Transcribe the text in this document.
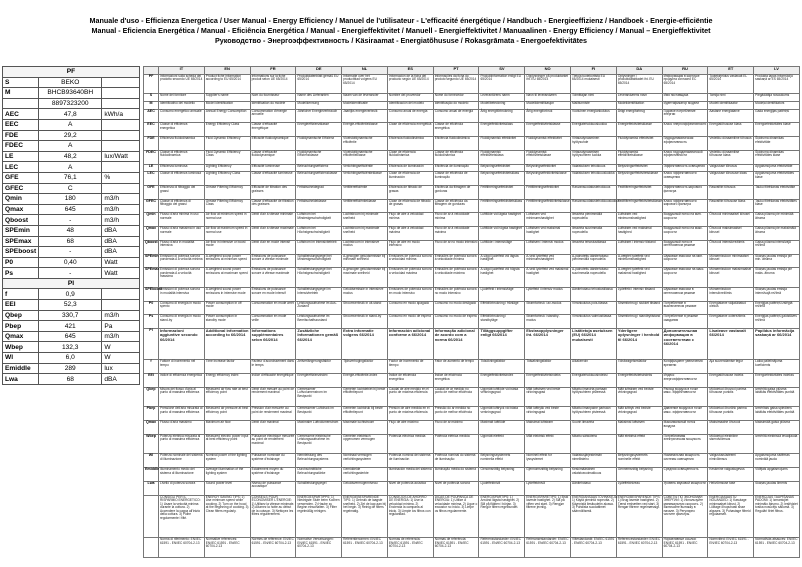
Manuale d'uso - Efficienza Energetica / User Manual - Energy Efficiency / Manuel de l'utilisateur - L'efficacité énergétique / Handbuch - Energieeffizienz / Handboek - Energie-efficiëntie
Manual - Eficiencia Energética / Manual - Eficiência Energética / Manual - Energieffektivitet / Manuell - Energieffektivitet / Manuaalinen - Energy Efficiency / Manual – Energieffektivitet
Руководство - Энергоэффективность / Käsiraamat - Energiatõhususe / Rokasgrāmata - Energoefektivitātes
PF		
S	BEKO	
M	BHCB93640BH	
	8897323200	
AEC	47,8	kWh/a
EEC	A	
FDE	29,2	
FDEC	A	
LE	48,2	lux/Watt
LEC	A	
GFE	76,1	%
GFEC	C	
Qmin	180	m3/h
Qmax	645	m3/h
Qboost	-	m3/h
SPEmin	48	dBA
SPEmax	68	dBA
SPEboost	-	dBA
P0	0,40	Watt
Ps	-	Watt
PI		
f	0,9	
EEI	52,3	
Qbep	330,7	m3/h
Pbep	421	Pa
Qmax	645	m3/h
Wbep	132,3	W
Wl	6,0	W
Emiddle	289	lux
Lwa	68	dBA
	IT	EN	FR	DE	NL	ES	PT	SV	NO	FI	DA	RU	ET	LV
PF	Informazioni sulla scheda del prodotto secondo UE 65/2014	Product fiche information according to EU 65/2014	Informations sur la fiche produit selon UE 65/2014	Produktdatenblatt gemäß EU 65/2014	Informatie over het productblad volgens EU 65/2014	Información de la ficha del producto según UE 65/2014	Informações da ficha do produto segundo UE 65/2014	Produktinformation enligt EU 65/2014	Opplysninger på produktarket iht. EU 65/2014	Tietoja tuotekortista EU 65/2014 mukaisesti	Oplysninger i produktdatabladet iht. EU 65/2014	Информация в карточке продукта согласно ЕС 65/2014	Tootekirjeldus vastavalt EL 65/2014	Produkta lapas informācija saskaņā ar ES 65/2014
S	Nome del fornitore	Supplier's name	Nom du fournisseur	Name des Lieferanten	Naam van de leverancier	Nombre del proveedor	Nome do fornecedor	Leverantörens namn	Navn til leverandøren	Toimittajan nimi	Leverandørens navn	Имя поставщика	Tarnija nimi	Piegādātāja nosaukums
M	Identificativo del modello	Model identification	Identification du modèle	Modellkennung	Modelidentificatie	Identificación del modelo	Identificação do modelo	Modellbeteckning	Modellidentifikasjon	Mallitunniste	Modelidentifikation	Идентификатор модели	Mudeli identifikaator	Modeļa identifikators
AEC	Consumo energetico annuale	Annual Energy Consumption	Consommation d'énergie annuelle	Jährlicher Energieverbrauch	Jaarlijks energieverbruik	Consumo anual de energía	Consumo anual de energia	Årlig energiförbrukning	Årlig energiforbruk	Vuotuinen energiankulutus	Årligt energiforbrug	Годовое потребление энергии	Aastane energiatarve	Gada enerģijas patēriņš
EEC	Classe di efficienza energetica	Energy Efficiency Class	Classe d'efficacité énergétique	Energieeffizienzklasse	Energie-efficiëntieklasse	Clase de eficiencia energética	Classe de eficiência energética	Energieffektivitetsklass	Energieffektivitetsklasse	Energiatehokkuusluokka	Energieffektivitetsklasse	Класс энергоэффективности	Energiatõhususe klass	Energoefektivitātes klase
FDE	Efficienza fluidodinamica	Fluid Dynamic Efficiency	Efficacité fluidodynamique	Fluiddynamische Effizienz	Vloeistofdynamische efficiëntie	Eficiencia fluidodinámica	Eficiência fluidodinâmica	Fluiddynamisk effektivitet	Fluiddynamisk effektivitet	Virtausdynaaminen hyötysuhde	Fluiddynamisk effektivitet	Гидродинамическая эффективность	Vedeliku dünaamiline tõhusus	Šķidruma dinamikas efektivitāte
FDEC	Classe di efficienza fluidodinamica	Fluid Dynamic Efficiency Class	Classe d'efficacité fluidodynamique	Fluiddynamische Effizienzklasse	Vloeistofdynamische efficiëntieklasse	Clase de eficiencia fluidodinámica	Classe de eficiência fluidodinâmica	Fluiddynamisk effektivitetsklass	Fluiddynamisk effektivitetsklasse	Virtausdynaamisen hyötysuhteen luokka	Fluiddynamisk effektivitetsklasse	Класс гидродинамической эффективности	Vedeliku dünaamilise tõhususe klass	Šķidruma dinamikas efektivitātes klase
LE	Efficienza luminosa	Lighting Efficiency	Efficacité lumineuse	Beleuchtungseffizienz	Verlichtingsefficiëntie	Eficiencia de iluminación	Eficiência de iluminação	Belysningseffektivitet	Belysningseffektivitet	Valaistuksen tehokkuus	Belysningseffektivitet	Эффективность освещения	Valgustuse tõhusus	Apgaismojuma efektivitāte
LEC	Classe di efficienza luminosa	Lighting Efficiency Class	Classe d'efficacité lumineuse	Beleuchtungseffizienzklasse	Verlichtingsefficiëntieklasse	Clase de eficiencia de iluminación	Classe de eficiência de iluminação	Belysningseffektivitetsklass	Belysningseffektivitetsklasse	Valaistuksen tehokkuusluokka	Belysningseffektivitetsklasse	Класс эффективности освещения	Valgustuse tõhususe klass	Apgaismojuma efektivitātes klase
GFE	Efficienza di filtraggio dei grassi	Grease Filtering Efficiency	Efficacité de filtration des graisses	Fettabscheidegrad	Vetfilterefficiëntie	Eficiencia de filtrado de grasas	Eficiência da filtragem de gorduras	Fettfiltreringseffektivitet	Fettfiltreringseffektivitet	Rasvansuodatustehokkuus	Fedtfiltreringseffektivitet	Эффективность жирового фильтра	Rasvafiltri tõhusus	Tauku filtrēšanas efektivitāte
GFEC	Classe di efficienza di filtraggio dei grassi	Grease Filtering Efficiency Class	Classe d'efficacité de filtration des graisses	Fettabscheideklasse	Vetfilterefficiëntieklasse	Clase de eficiencia de filtrado de grasas	Classe de eficiência da filtragem de gorduras	Fettfiltreringseffektivitetsklass	Fettfiltreringseffektivitetsklasse	Rasvansuodatustehokkuusluokka	Fedtfiltreringseffektivitetsklasse	Класс эффективности жирового фильтра	Rasvafiltri tõhususe klass	Tauku filtrēšanas efektivitātes klase
Qmin	Flusso d'aria minima in uso normale	Air flow at minimum speed in normal use	Débit d'air à vitesse minimale	Luftstrom bei Mindestgeschwindigkeit	Luchtstroom bij minimale snelheid	Flujo de aire a velocidad mínima	Fluxo de ar à velocidade mínima	Luftflöde vid lägsta hastighet	Luftstrøm ved minimumshastighet	Ilmavirta pienimmällä nopeudella	Luftstrøm ved minimumshastighed	Воздушный поток на мин. скорости	Õhuvool minimaalsel kiirusel	Gaisa plūsma pie minimālā ātruma
Qmax	Flusso d'aria massima in uso normale	Air flow at maximum speed in normal use	Débit d'air à vitesse maximale	Luftstrom bei Höchstgeschwindigkeit	Luchtstroom bij maximale snelheid	Flujo de aire a velocidad máxima	Fluxo de ar à velocidade máxima	Luftflöde vid högsta hastighet	Luftstrøm ved maksimal hastighet	Ilmavirta suurimmalla nopeudella	Luftstrøm ved maksimal hastighed	Воздушный поток на макс. скорости	Õhuvool maksimaalsel kiirusel	Gaisa plūsma pie maksimālā ātruma
Qboost	Flusso d'aria in modalità intensiva	Air flow in intensive or boost mode	Débit d'air en mode intensif	Luftstrom im Intensivbetrieb	Luchtstroom in intensieve modus	Flujo de aire en modo intensivo	Fluxo de ar no modo intensivo	Luftflöde i intensivläge	Luftstrøm i intensiv modus	Ilmavirta tehostustilassa	Luftstrøm i intensiv tilstand	Воздушный поток в интенсивном режиме	Õhuvool intensiivrežiimis	Gaisa plūsma intensīvajā režīmā
SPEmin	Emissioni di potenza sonora ponderata A a velocità minima	A-weighted sound power emissions at minimum speed	Émissions de puissance sonore à vitesse minimale	Schallleistungspegel bei Mindestgeschwindigkeit	A-gewogen geluidsemissie bij minimale snelheid	Emisiones de potencia sonora a velocidad mínima	Emissões de potência sonora à velocidade mínima	A-vägd ljudeffekt vid lägsta hastighet	A-veid lydeffekt ved minimumshastighet	A-painotettu äänitehotaso pienimmällä nopeudella	A-vægtet lydeffekt ved minimumshastighed	Шумовые эмиссии на мин. скорости	Müraemissioon minimaalsel kiirusel	Skaņas jaudas emisija pie min. ātruma
SPEmax	Emissioni di potenza sonora ponderata A a velocità massima	A-weighted sound power emissions at maximum speed	Émissions de puissance sonore à vitesse maximale	Schallleistungspegel bei Höchstgeschwindigkeit	A-gewogen geluidsemissie bij maximale snelheid	Emisiones de potencia sonora a velocidad máxima	Emissões de potência sonora à velocidade máxima	A-vägd ljudeffekt vid högsta hastighet	A-veid lydeffekt ved maksimal hastighet	A-painotettu äänitehotaso suurimmalla nopeudella	A-vægtet lydeffekt ved maksimal hastighed	Шумовые эмиссии на макс. скорости	Müraemissioon maksimaalsel kiirusel	Skaņas jaudas emisija pie maks. ātruma
SPEboost	Emissioni di potenza sonora in modalità intensiva	A-weighted sound power emissions in intensive mode	Émissions de puissance sonore en mode intensif	Schallleistungspegel im Intensivbetrieb	Geluidsemissie in intensieve modus	Emisiones de potencia sonora en modo intensivo	Emissões de potência sonora no modo intensivo	Ljudeffekt i intensivläge	Lydeffekt i intensiv modus	Äänitehotaso tehostustilassa	Lydeffekt i intensiv tilstand	Шумовые эмиссии в интенсивном режиме	Müraemissioon intensiivrežiimis	Skaņas jaudas emisija intensīvajā režīmā
P0	Consumo di energia in modo spento	Power consumption in off mode	Consommation en mode arrêt	Leistungsaufnahme im Aus-Zustand	Stroomverbruik in uit-stand	Consumo en modo apagado	Consumo no modo desligado	Effektförbrukning i frånläge	Strømforbruk i av-modus	Virrankulutus pois-tilassa	Strømforbrug i slukket tilstand	Потребление в выключенном режиме	Energiatarve väljalülitatud olekus	Enerģijas patēriņš izslēgtā režīmā
Ps	Consumo di energia in modo stand-by	Power consumption in standby mode	Consommation en mode veille	Leistungsaufnahme im Bereitschaftszustand	Stroomverbruik in stand-by	Consumo en modo de espera	Consumo no modo de espera	Effektförbrukning i standbyläge	Strømforbruk i standby-modus	Virrankulutus valmiustilassa	Strømforbrug i standbytilstand	Потребление в режиме ожидания	Energiatarve ooterežiimis	Enerģijas patēriņš gaidstāves režīmā
PI	Informazioni aggiuntive secondo 66/2014	Additional information according to 66/2014	Informations supplémentaires selon 66/2014	Zusätzliche Informationen gemäß 66/2014	Extra informatie volgens 66/2014	Información adicional conforme a 66/2014	Informação adicional de acordo com a norma 66/2014	Tilläggsuppgifter enligt 66/2014	Ekstraopplysninger iht. 66/2014	Lisätietoja asetuksen (EU) 66/2014 mukaisesti	Yderligere oplysninger i henhold til 66/2014	Дополнительная информация в соответствии с 66/2014	Lisateave vastavalt 66/2014	Papildus informācija saskaņā ar 66/2014
f	Fattore di incremento nel tempo	Time increase factor	Facteur d'accroissement dans le temps	Zeitverlängerungsfaktor	Tijdsverhogingsfactor	Factor de incremento de tiempo	Fator de aumento de tempo	Tidsökningsfaktor	Tidsøkningsfaktor	Aikakerroin	Tidsforøgelsesfaktor	Коэффициент увеличения времени	Aja suurendamise tegur	Laika palielinājuma koeficients
EEI	Indice di efficienza energetica	Energy efficiency index	Indice d'efficacité énergétique	Energieeffizienzindex	Energie-efficiëntie-index	Índice de eficiencia energética	Índice de eficiência energética	Energieffektivitetsindex	Energieffektivitetsindeks	Energiatehokkuusindeksi	Energieffektivitetsindeks	Индекс энергоэффективности	Energiatõhususe indeks	Energoefektivitātes indekss
Qbep	Misura del flusso d'aria al punto di massima efficienza	Measured air flow rate at best efficiency point	Débit d'air mesuré au point de rendement maximal	Gemessener Luftvolumenstrom im Bestpunkt	Gemeten luchtdebiet bij beste efficiëntiepunt	Caudal de aire medido en el punto de máxima eficiencia	Caudal de ar medido no ponto de melhor eficiência	Uppmätt luftflöde vid bästa verkningsgrad	Målt luftstrøm ved beste virkningsgrad	Mitattu ilmavirta parhaan hyötysuhteen pisteessä	Målt luftstrøm ved bedste virkningsgrad	Расход воздуха в точке макс. эффективности	Mõõdetud õhuvool parima tõhususe punktis	Izmērītā gaisa plūsma labākās efektivitātes punktā
Pbep	Pressione dell'aria misurata al punto di massima efficienza	Measured air pressure at best efficiency point	Pression d'air mesurée au point de rendement maximal	Gemessener Luftdruck im Bestpunkt	Gemeten luchtdruk bij beste efficiëntiepunt	Presión de aire medida en el punto de máxima eficiencia	Pressão do ar medida no ponto de melhor eficiência	Uppmätt lufttryck vid bästa verkningsgrad	Målt lufttrykk ved beste virkningsgrad	Mitattu ilmanpaine parhaan hyötysuhteen pisteessä	Målt lufttryk ved bedste virkningsgrad	Давление воздуха в точке макс. эффективности	Mõõdetud õhurõhk parima tõhususe punktis	Izmērītais gaisa spiediens labākās efektivitātes punktā
Qmax	Flusso d'aria massimo	Maximum air flow	Débit d'air maximal	Maximaler Luftvolumenstrom	Maximale luchtstroom	Flujo de aire máximo	Fluxo de ar máximo	Maximalt luftflöde	Maksimal luftstrøm	Suurin ilmavirta	Maksimal luftstrøm	Максимальный поток воздуха	Maksimaalne õhuvool	Maksimālā gaisa plūsma
Wbep	Potenza elettrica misurata al punto di massima efficienza	Measured electric power input at best efficiency point	Puissance électrique mesurée au point de rendement maximal	Gemessene elektrische Leistungsaufnahme im Bestpunkt	Gemeten elektrisch opgenomen vermogen	Potencia eléctrica medida	Potência elétrica medida	Uppmätt eleffekt	Målt elektrisk effekt	Mitattu sähköteho	Målt elektrisk effekt	Потребляемая электрическая мощность	Mõõdetud elektriline sisendvõimsus	Izmērītā elektriskā ievadjauda
Wl	Potenza nominale del sistema di illuminazione	Nominal power of the lighting system	Puissance nominale du système d'éclairage	Nennleistung des Beleuchtungssystems	Nominaal vermogen verlichtingssysteem	Potencia nominal del sistema de iluminación	Potência nominal do sistema de iluminação	Belysningssystemets nominella effekt	Nominell effekt for lyssystemet	Valaistusjärjestelmän nimellisteho	Belysningssystemets nominelle effekt	Номинальная мощность системы освещения	Valgustussüsteemi nimivõimsus	Apgaismojuma sistēmas nominālā jauda
Emiddle	Illuminamento medio del sistema di illuminazione	Average illumination of the lighting system	Éclairement moyen du système d'éclairage	Durchschnittliche Beleuchtungsstärke	Gemiddelde verlichtingssterkte	Iluminación media del sistema	Iluminação média do sistema	Genomsnittlig belysning	Gjennomsnittlig belysning	Keskimääräinen valaistusvoimakkuus	Gennemsnitlig belysning	Средняя освещенность	Keskmine valgustugevus	Vidējais apgaismojums
Lwa	Livello di potenza sonora	Sound power level	Niveau de puissance acoustique	Schallleistungspegel	Geluidsvermogenniveau	Nivel de potencia acústica	Nível de potência sonora	Ljudeffektnivå	Lydeffektnivå	Äänitehotaso	Lydeffektniveau	Уровень звуковой мощности	Helivõimsuse tase	Skaņas jaudas līmenis
	CONSIGLI PER IL RISPARMIO ENERGETICO: 1) Usare la velocità minima durante la cottura. 2) Accendere la cappa all'inizio della cottura. 3) Pulire regolarmente i filtri.	ENERGY SAVING TIPS: 1) Use minimum speed while cooking. 2) Turn on the hood at the beginning of cooking. 3) Clean filters regularly.	CONSEILS POUR ÉCONOMISER L'ÉNERGIE: 1) Utilisez la vitesse minimale. 2) Allumez la hotte au début de la cuisson. 3) Nettoyez les filtres régulièrement.	ENERGIESPARTIPPS: 1) Niedrigste Stufe beim Kochen verwenden. 2) Haube zu Beginn einschalten. 3) Filter regelmäßig reinigen.	ENERGIEBESPARENDE TIPS: 1) Gebruik de laagste snelheid. 2) Zet de kap aan bij het begin. 3) Reinig de filters regelmatig.	CONSEJOS DE AHORRO DE ENERGÍA: 1) Use la velocidad mínima. 2) Encienda la campana al inicio. 3) Limpie los filtros con regularidad.	DICAS DE POUPANÇA DE ENERGIA: 1) Utilize a velocidade mínima. 2) Ligue o exaustor no início. 3) Limpe os filtros regularmente.	ENERGISPARTIPS: 1) Använd lägsta hastighet. 2) Slå på fläkten i början. 3) Rengör filtren regelbundet.	ENERGISPARETIPS: 1) Bruk laveste hastighet. 2) Slå på viften ved start. 3) Rengjør filtrene jevnlig.	ENERGIANSÄÄSTÖVINKKEJÄ: 1) Käytä pienintä nopeutta. 2) Käynnistä liesituuletin alussa. 3) Puhdista suodattimet säännöllisesti.	ENERGIBESPARENDE TIPS: 1) Brug laveste hastighed. 2) Tænd emhætten ved start. 3) Rengør filtrene regelmæssigt.	СОВЕТЫ ПО ЭКОНОМИИ ЭНЕРГИИ: 1) Используйте минимальную скорость. 2) Включайте вытяжку в начале. 3) Регулярно чистите фильтры.	ENERGIASÄÄSTU NÕUANDED: 1) Kasutage minimaalset kiirust. 2) Lülitage õhupuhasti sisse alguses. 3) Puhastage filtreid regulaarselt.	ENERĢIJAS TAUPĪŠANAS PADOMI: 1) Izmantojiet minimālo ātrumu. 2) Ieslēdziet tvaika nosūcēju sākumā. 3) Regulāri tīriet filtrus.
	Norma di riferimento: EN/IEC 61591 - EN/IEC 60704-2-13	Normative references: EN/IEC 61591 - EN/IEC 60704-2-13	Normes de référence: EN/IEC 61591 - EN/IEC 60704-2-13	Normative Verweisungen: EN/IEC 61591 - EN/IEC 60704-2-13	Referentienormen: EN/IEC 61591 - EN/IEC 60704-2-13	Normas de referencia: EN/IEC 61591 - EN/IEC 60704-2-13	Normas de referência: EN/IEC 61591 - EN/IEC 60704-2-13	Referensstandarder: EN/IEC 61591 - EN/IEC 60704-2-13	Referansestandarder: EN/IEC 61591 - EN/IEC 60704-2-13	Viitestandardit: EN/IEC 61591 - EN/IEC 60704-2-13	Referencestandarder: EN/IEC 61591 - EN/IEC 60704-2-13	Нормативные ссылки: EN/IEC 61591 - EN/IEC 60704-2-13	Normviited: EN/IEC 61591 - EN/IEC 60704-2-13	Normatīvās atsauces: EN/IEC 61591 - EN/IEC 60704-2-13
